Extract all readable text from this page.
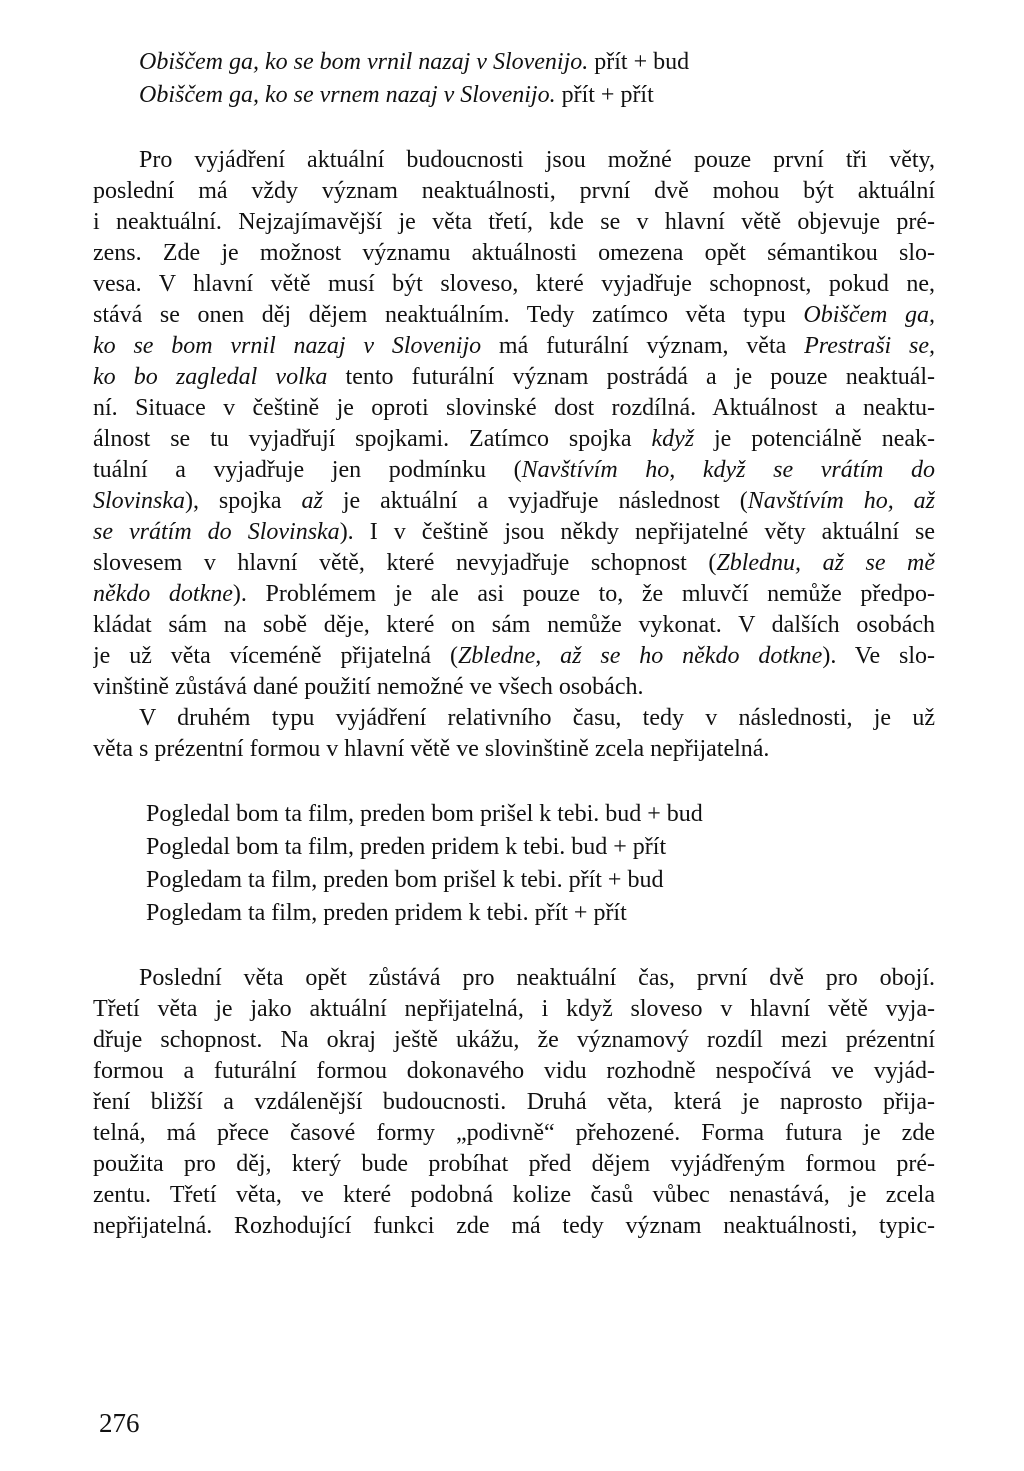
Obiščem ga, ko se bom vrnil nazaj v Slovenijo. přít + bud
Obiščem ga, ko se vrnem nazaj v Slovenijo. přít + přít
Pro vyjádření aktuální budoucnosti jsou možné pouze první tři věty,
poslední má vždy význam neaktuálnosti, první dvě mohou být aktuální
i neaktuální. Nejzajímavější je věta třetí, kde se v hlavní větě objevuje pré-
zens. Zde je možnost významu aktuálnosti omezena opět sémantikou slo-
vesa. V hlavní větě musí být sloveso, které vyjadřuje schopnost, pokud ne,
stává se onen děj dějem neaktuálním. Tedy zatímco věta typu Obiščem ga,
ko se bom vrnil nazaj v Slovenijo má futurální význam, věta Prestraši se,
ko bo zagledal volka tento futurální význam postrádá a je pouze neaktuál-
ní. Situace v češtině je oproti slovinské dost rozdílná. Aktuálnost a neaktu-
álnost se tu vyjadřují spojkami. Zatímco spojka když je potenciálně neak-
tuální a vyjadřuje jen podmínku (Navštívím ho, když se vrátím do
Slovinska), spojka až je aktuální a vyjadřuje následnost (Navštívím ho, až
se vrátím do Slovinska). I v češtině jsou někdy nepřijatelné věty aktuální se
slovesem v hlavní větě, které nevyjadřuje schopnost (Zblednu, až se mě
někdo dotkne). Problémem je ale asi pouze to, že mluvčí nemůže předpo-
kládat sám na sobě děje, které on sám nemůže vykonat. V dalších osobách
je už věta víceméně přijatelná (Zbledne, až se ho někdo dotkne). Ve slo-
vinštině zůstává dané použití nemožné ve všech osobách.
V druhém typu vyjádření relativního času, tedy v následnosti, je už
věta s prézentní formou v hlavní větě ve slovinštině zcela nepřijatelná.
Pogledal bom ta film, preden bom prišel k tebi. bud + bud
Pogledal bom ta film, preden pridem k tebi. bud + přít
Pogledam ta film, preden bom prišel k tebi. přít + bud
Pogledam ta film, preden pridem k tebi. přít + přít
Poslední věta opět zůstává pro neaktuální čas, první dvě pro obojí.
Třetí věta je jako aktuální nepřijatelná, i když sloveso v hlavní větě vyja-
dřuje schopnost. Na okraj ještě ukážu, že významový rozdíl mezi prézentní
formou a futurální formou dokonavého vidu rozhodně nespočívá ve vyjád-
ření bližší a vzdálenější budoucnosti. Druhá věta, která je naprosto přija-
telná, má přece časové formy „podivně“ přehozené. Forma futura je zde
použita pro děj, který bude probíhat před dějem vyjádřeným formou pré-
zentu. Třetí věta, ve které podobná kolize časů vůbec nenastává, je zcela
nepřijatelná. Rozhodující funkci zde má tedy význam neaktuálnosti, typic-
276
